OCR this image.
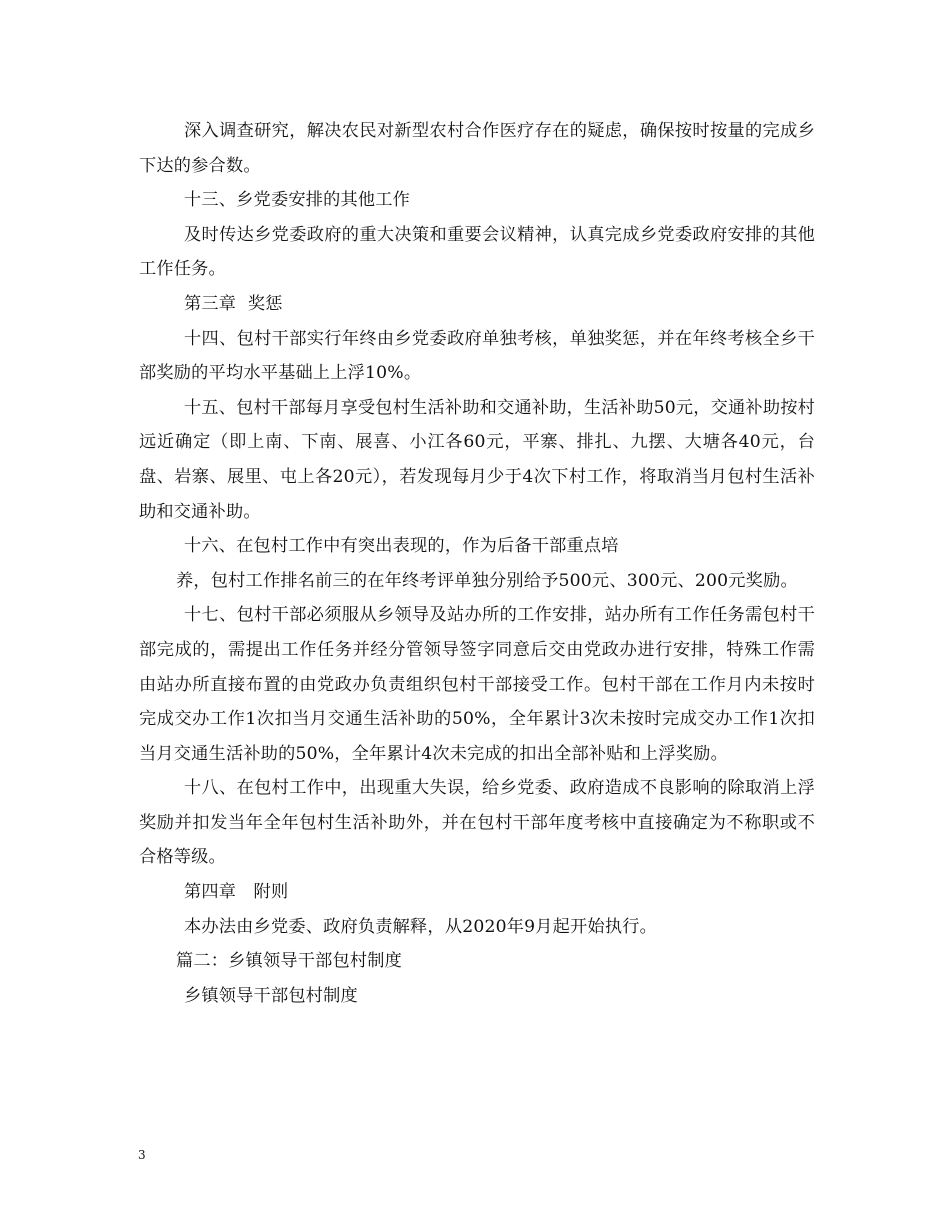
深入调查研究，解决农民对新型农村合作医疗存在的疑虑，确保按时按量的完成乡下达的参合数。

十三、乡党委安排的其他工作

及时传达乡党委政府的重大决策和重要会议精神，认真完成乡党委政府安排的其他工作任务。

第三章 奖惩

十四、包村干部实行年终由乡党委政府单独考核，单独奖惩，并在年终考核全乡干部奖励的平均水平基础上上浮10%。

十五、包村干部每月享受包村生活补助和交通补助，生活补助50元，交通补助按村远近确定（即上南、下南、展喜、小江各60元，平寨、排扎、九摆、大塘各40元，台盘、岩寨、展里、屯上各20元），若发现每月少于4次下村工作，将取消当月包村生活补助和交通补助。

十六、在包村工作中有突出表现的，作为后备干部重点培

养，包村工作排名前三的在年终考评单独分别给予500元、300元、200元奖励。

十七、包村干部必须服从乡领导及站办所的工作安排，站办所有工作任务需包村干部完成的，需提出工作任务并经分管领导签字同意后交由党政办进行安排，特殊工作需由站办所直接布置的由党政办负责组织包村干部接受工作。包村干部在工作月内未按时完成交办工作1次扣当月交通生活补助的50%，全年累计3次未按时完成交办工作1次扣当月交通生活补助的50%，全年累计4次未完成的扣出全部补贴和上浮奖励。

十八、在包村工作中，出现重大失误，给乡党委、政府造成不良影响的除取消上浮奖励并扣发当年全年包村生活补助外，并在包村干部年度考核中直接确定为不称职或不合格等级。

第四章　附则

本办法由乡党委、政府负责解释，从2020年9月起开始执行。

篇二：乡镇领导干部包村制度

乡镇领导干部包村制度

3
